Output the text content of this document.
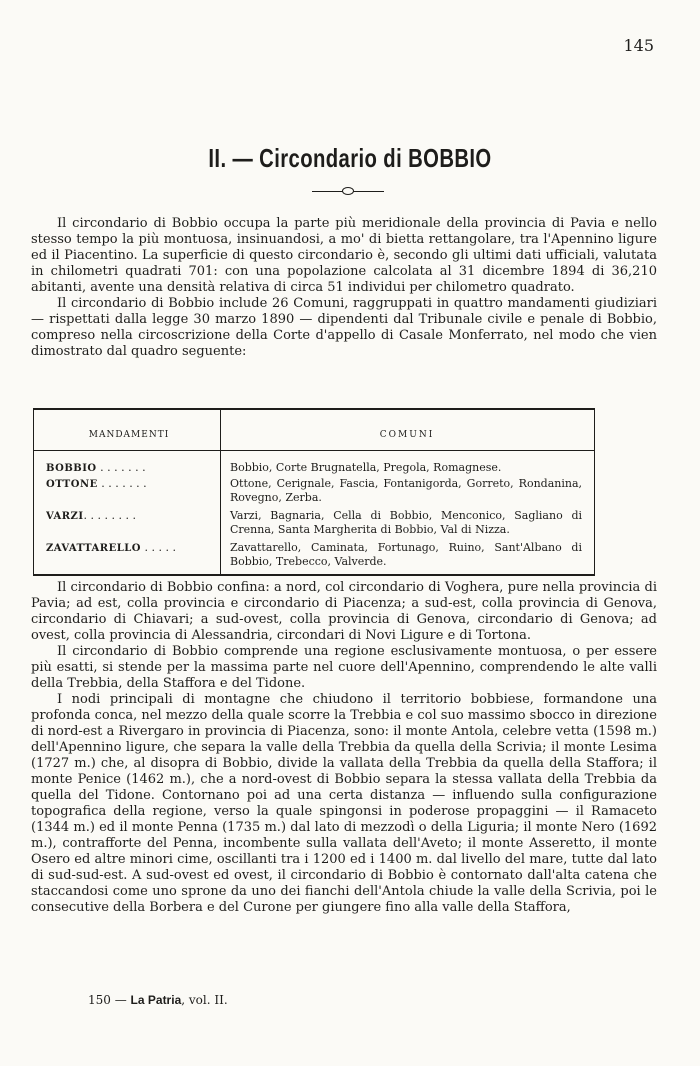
145
II. — Circondario di BOBBIO

Il circondario di Bobbio occupa la parte più meridionale della provincia di Pavia e nello stesso tempo la più montuosa, insinuandosi, a mo' di bietta rettangolare, tra l'Apennino ligure ed il Piacentino. La superficie di questo circondario è, secondo gli ultimi dati ufficiali, valutata in chilometri quadrati 701: con una popolazione calcolata al 31 dicembre 1894 di 36,210 abitanti, avente una densità relativa di circa 51 individui per chilometro quadrato.

Il circondario di Bobbio include 26 Comuni, raggruppati in quattro mandamenti giudiziari — rispettati dalla legge 30 marzo 1890 — dipendenti dal Tribunale civile e penale di Bobbio, compreso nella circoscrizione della Corte d'appello di Casale Monferrato, nel modo che vien dimostrato dal quadro seguente:

MANDAMENTI	COMUNI
BOBBIO . . . . . . .	Bobbio, Corte Brugnatella, Pregola, Romagnese.
OTTONE . . . . . . .	Ottone, Cerignale, Fascia, Fontanigorda, Gorreto, Rondanina, Rovegno, Zerba.
VARZI. . . . . . . .	Varzi, Bagnaria, Cella di Bobbio, Menconico, Sagliano di Crenna, Santa Margherita di Bobbio, Val di Nizza.
ZAVATTARELLO . . . . .	Zavattarello, Caminata, Fortunago, Ruino, Sant'Albano di Bobbio, Trebecco, Valverde.

Il circondario di Bobbio confina: a nord, col circondario di Voghera, pure nella provincia di Pavia; ad est, colla provincia e circondario di Piacenza; a sud-est, colla provincia di Genova, circondario di Chiavari; a sud-ovest, colla provincia di Genova, circondario di Genova; ad ovest, colla provincia di Alessandria, circondari di Novi Ligure e di Tortona.

Il circondario di Bobbio comprende una regione esclusivamente montuosa, o per essere più esatti, si stende per la massima parte nel cuore dell'Apennino, comprendendo le alte valli della Trebbia, della Staffora e del Tidone.

I nodi principali di montagne che chiudono il territorio bobbiese, formandone una profonda conca, nel mezzo della quale scorre la Trebbia e col suo massimo sbocco in direzione di nord-est a Rivergaro in provincia di Piacenza, sono: il monte Antola, celebre vetta (1598 m.) dell'Apennino ligure, che separa la valle della Trebbia da quella della Scrivia; il monte Lesima (1727 m.) che, al disopra di Bobbio, divide la vallata della Trebbia da quella della Staffora; il monte Penice (1462 m.), che a nord-ovest di Bobbio separa la stessa vallata della Trebbia da quella del Tidone. Contornano poi ad una certa distanza — influendo sulla configurazione topografica della regione, verso la quale spingonsi in poderose propaggini — il Ramaceto (1344 m.) ed il monte Penna (1735 m.) dal lato di mezzodì o della Liguria; il monte Nero (1692 m.), contrafforte del Penna, incombente sulla vallata dell'Aveto; il monte Asseretto, il monte Osero ed altre minori cime, oscillanti tra i 1200 ed i 1400 m. dal livello del mare, tutte dal lato di sud-sud-est. A sud-ovest ed ovest, il circondario di Bobbio è contornato dall'alta catena che staccandosi come uno sprone da uno dei fianchi dell'Antola chiude la valle della Scrivia, poi le consecutive della Borbera e del Curone per giungere fino alla valle della Staffora,

150 — La Patria, vol. II.
